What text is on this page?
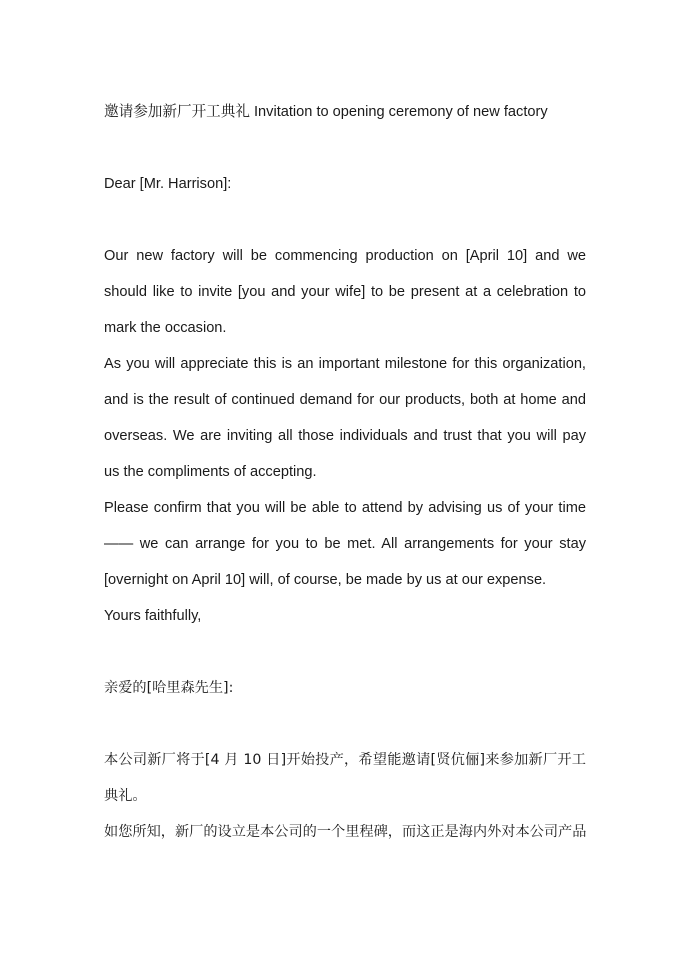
邀请参加新厂开工典礼 Invitation to opening ceremony of new factory

Dear [Mr. Harrison]:

Our new factory will be commencing production on [April 10] and we should like to invite [you and your wife] to be present at a celebration to mark the occasion.

As you will appreciate this is an important milestone for this organization, and is the result of continued demand for our products, both at home and overseas. We are inviting all those individuals and trust that you will pay us the compliments of accepting.

Please confirm that you will be able to attend by advising us of your time —— we can arrange for you to be met. All arrangements for your stay [overnight on April 10] will, of course, be made by us at our expense.

Yours faithfully,

亲爱的[哈里森先生]:

本公司新厂将于[4 月 10 日]开始投产，希望能邀请[贤伉俪]来参加新厂开工典礼。

如您所知，新厂的设立是本公司的一个里程碑，而这正是海内外对本公司产品
